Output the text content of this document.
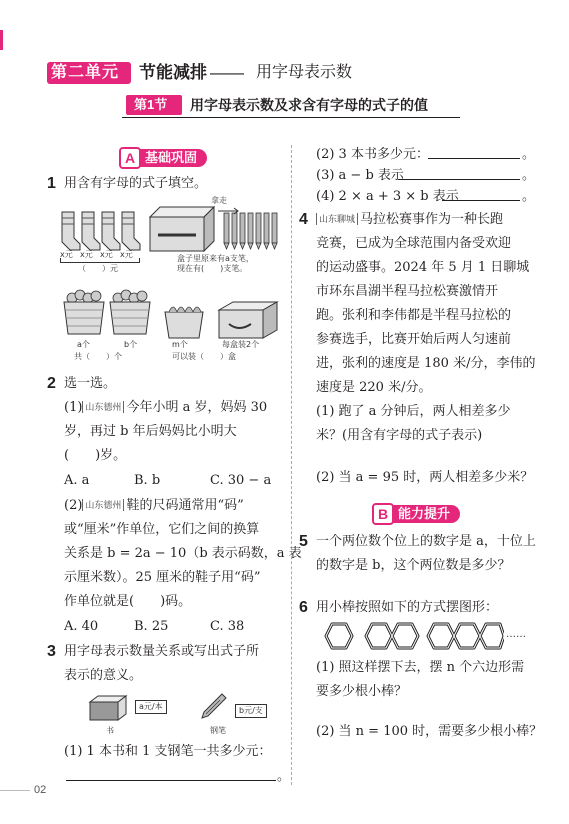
第二单元 节能减排 —— 用字母表示数
第1节 用字母表示数及求含有字母的式子的值
A 基础巩固
1 用含有字母的式子填空。
x元 x元 x元 x元
（　　）元
拿走
盒子里原来有a支笔，
现在有(　　)支笔。
a个	b个
共（　　）个
m个	每盒装2个
可以装（　　）盒
2 选一选。
(1) 山东德州 今年小明 a 岁，妈妈 30
岁，再过 b 年后妈妈比小明大
(　　)岁。
A. a	B. b	C. 30 − a
(2) 山东德州 鞋的尺码通常用“码”
或“厘米”作单位，它们之间的换算
关系是 b = 2a − 10（b 表示码数，a 表
示厘米数）。25 厘米的鞋子用“码”
作单位就是(　　)码。
A. 40	B. 25	C. 38
3 用字母表示数量关系或写出式子所
表示的意义。
a元/本
书
b元/支
钢笔
(1) 1 本书和 1 支钢笔一共多少元：
。
(2) 3 本书多少元：	。
(3) a − b 表示	。
(4) 2 × a + 3 × b 表示	。
4	山东聊城 马拉松赛事作为一种长跑
竞赛，已成为全球范围内备受欢迎
的运动盛事。2024 年 5 月 1 日聊城
市环东昌湖半程马拉松赛激情开
跑。张利和李伟都是半程马拉松的
参赛选手，比赛开始后两人匀速前
进，张利的速度是 180 米/分，李伟的
速度是 220 米/分。
(1) 跑了 a 分钟后，两人相差多少
米？(用含有字母的式子表示)
(2) 当 a = 95 时，两人相差多少米？
B 能力提升
5 一个两位数个位上的数字是 a，十位上
的数字是 b，这个两位数是多少？
6 用小棒按照如下的方式摆图形：
……
(1) 照这样摆下去，摆 n 个六边形需
要多少根小棒？
(2) 当 n = 100 时，需要多少根小棒？
02
